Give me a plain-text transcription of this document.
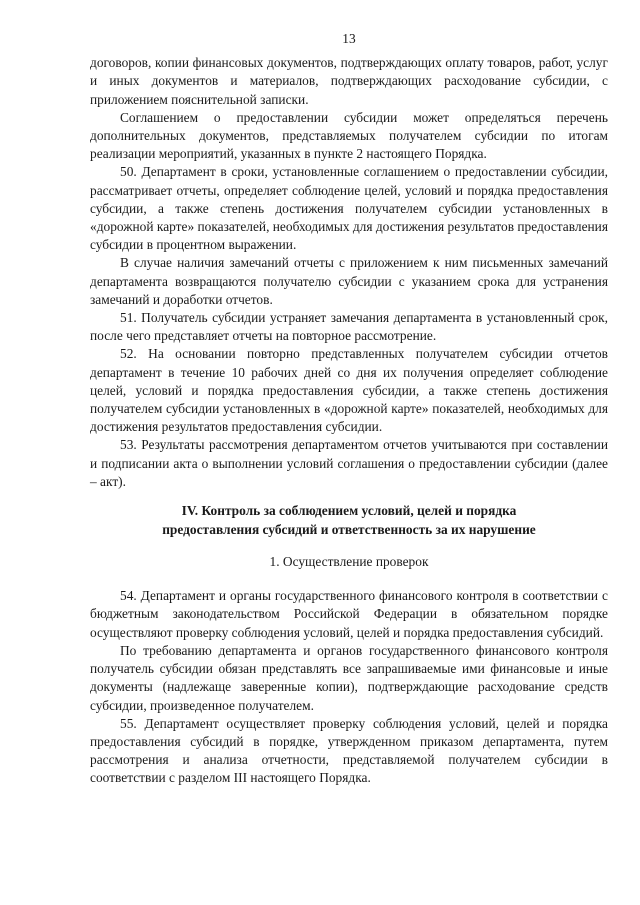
13

договоров, копии финансовых документов, подтверждающих оплату товаров, работ, услуг и иных документов и материалов, подтверждающих расходование субсидии, с приложением пояснительной записки.

Соглашением о предоставлении субсидии может определяться перечень дополнительных документов, представляемых получателем субсидии по итогам реализации мероприятий, указанных в пункте 2 настоящего Порядка.

50. Департамент в сроки, установленные соглашением о предоставлении субсидии, рассматривает отчеты, определяет соблюдение целей, условий и порядка предоставления субсидии, а также степень достижения получателем субсидии установленных в «дорожной карте» показателей, необходимых для достижения результатов предоставления субсидии в процентном выражении.

В случае наличия замечаний отчеты с приложением к ним письменных замечаний департамента возвращаются получателю субсидии с указанием срока для устранения замечаний и доработки отчетов.

51. Получатель субсидии устраняет замечания департамента в установленный срок, после чего представляет отчеты на повторное рассмотрение.

52. На основании повторно представленных получателем субсидии отчетов департамент в течение 10 рабочих дней со дня их получения определяет соблюдение целей, условий и порядка предоставления субсидии, а также степень достижения получателем субсидии установленных в «дорожной карте» показателей, необходимых для достижения результатов предоставления субсидии.

53. Результаты рассмотрения департаментом отчетов учитываются при составлении и подписании акта о выполнении условий соглашения о предоставлении субсидии (далее – акт).

IV. Контроль за соблюдением условий, целей и порядка
предоставления субсидий и ответственность за их нарушение
1. Осуществление проверок

54. Департамент и органы государственного финансового контроля в соответствии с бюджетным законодательством Российской Федерации в обязательном порядке осуществляют проверку соблюдения условий, целей и порядка предоставления субсидий.

По требованию департамента и органов государственного финансового контроля получатель субсидии обязан представлять все запрашиваемые ими финансовые и иные документы (надлежаще заверенные копии), подтверждающие расходование средств субсидии, произведенное получателем.

55. Департамент осуществляет проверку соблюдения условий, целей и порядка предоставления субсидий в порядке, утвержденном приказом департамента, путем рассмотрения и анализа отчетности, представляемой получателем субсидии в соответствии с разделом III настоящего Порядка.
